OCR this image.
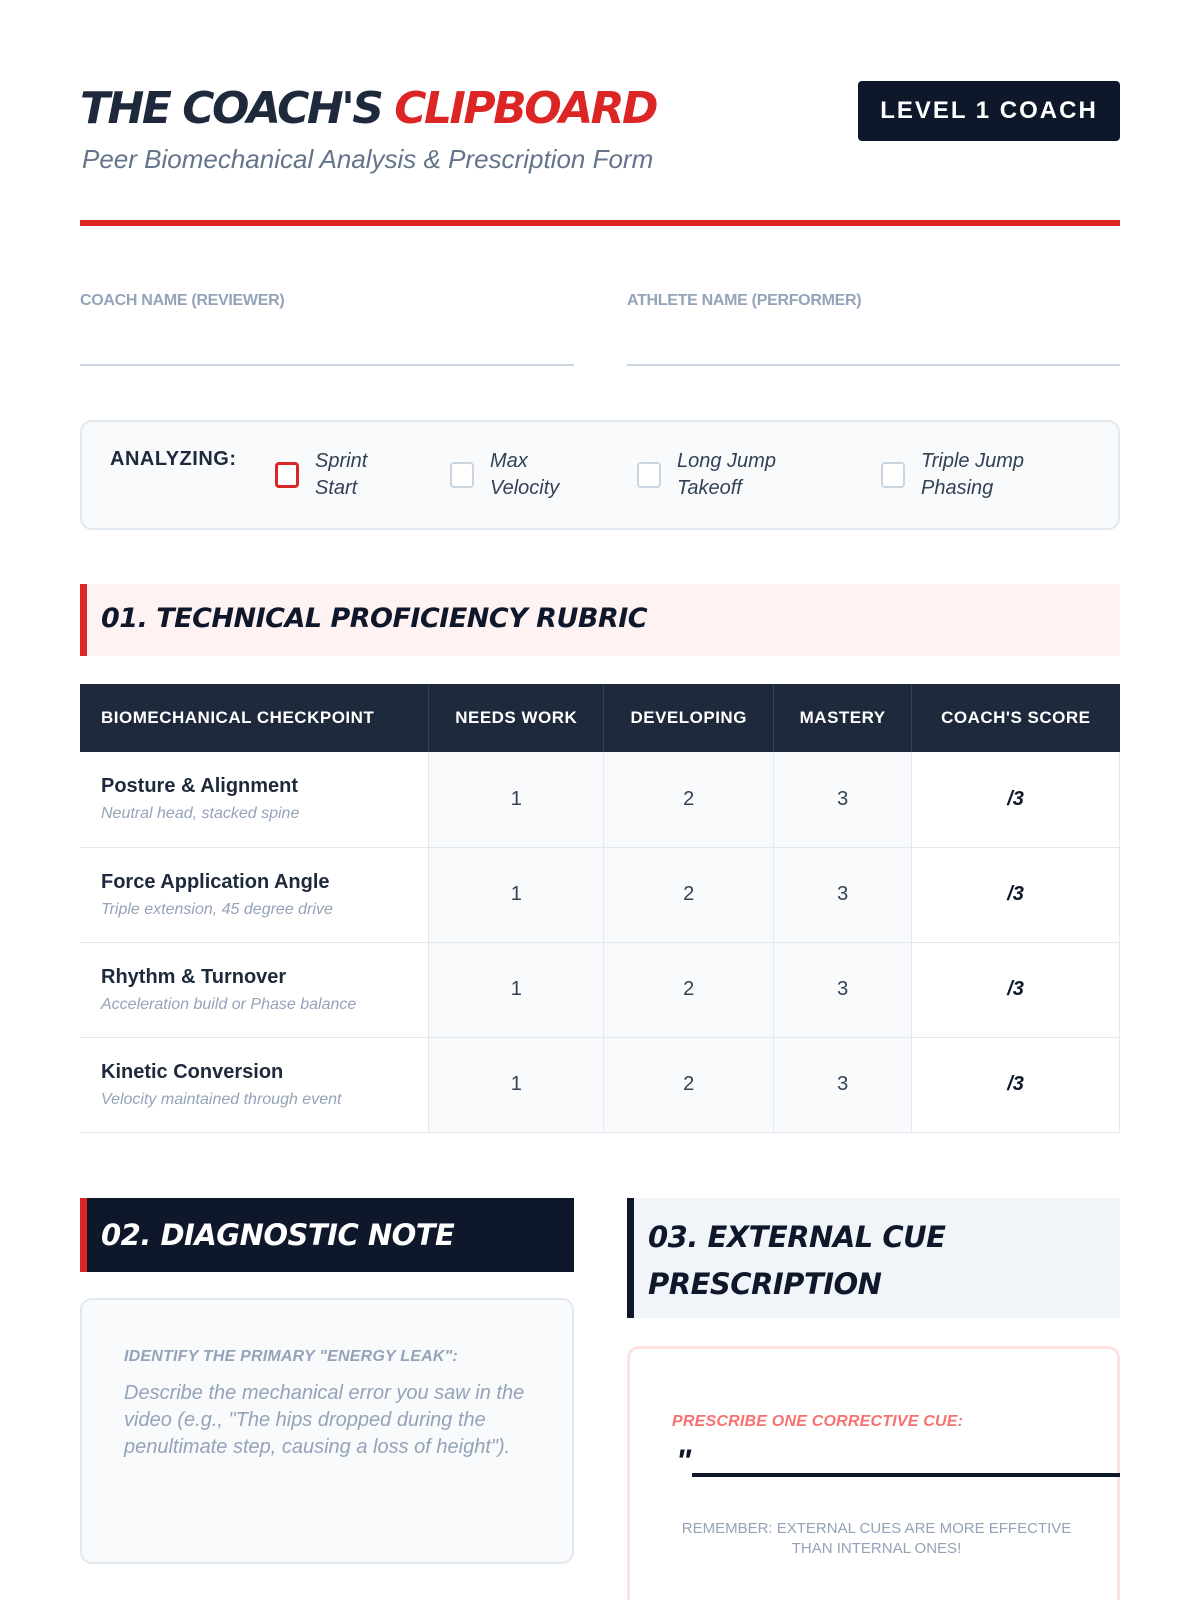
THE COACH'S CLIPBOARD
Peer Biomechanical Analysis & Prescription Form
LEVEL 1 COACH
COACH NAME (REVIEWER)	ATHLETE NAME (PERFORMER)
ANALYZING:	Sprint
Start
Max
Velocity
Long Jump
Takeoff
Triple Jump
Phasing
01. TECHNICAL PROFICIENCY RUBRIC
BIOMECHANICAL CHECKPOINT	NEEDS WORK	DEVELOPING	MASTERY	COACH'S SCORE

Posture & Alignment
Neutral head, stacked spine	1	2	3	/3

Force Application Angle
Triple extension, 45 degree drive	1	2	3	/3

Rhythm & Turnover
Acceleration build or Phase balance	1	2	3	/3

Kinetic Conversion
Velocity maintained through event	1	2	3	/3
02. DIAGNOSTIC NOTE	03. EXTERNAL CUE PRESCRIPTION
IDENTIFY THE PRIMARY "ENERGY LEAK":
Describe the mechanical error you saw in the video (e.g., "The hips dropped during the penultimate step, causing a loss of height").
PRESCRIBE ONE CORRECTIVE CUE:
"
REMEMBER: EXTERNAL CUES ARE MORE EFFECTIVE THAN INTERNAL ONES!
